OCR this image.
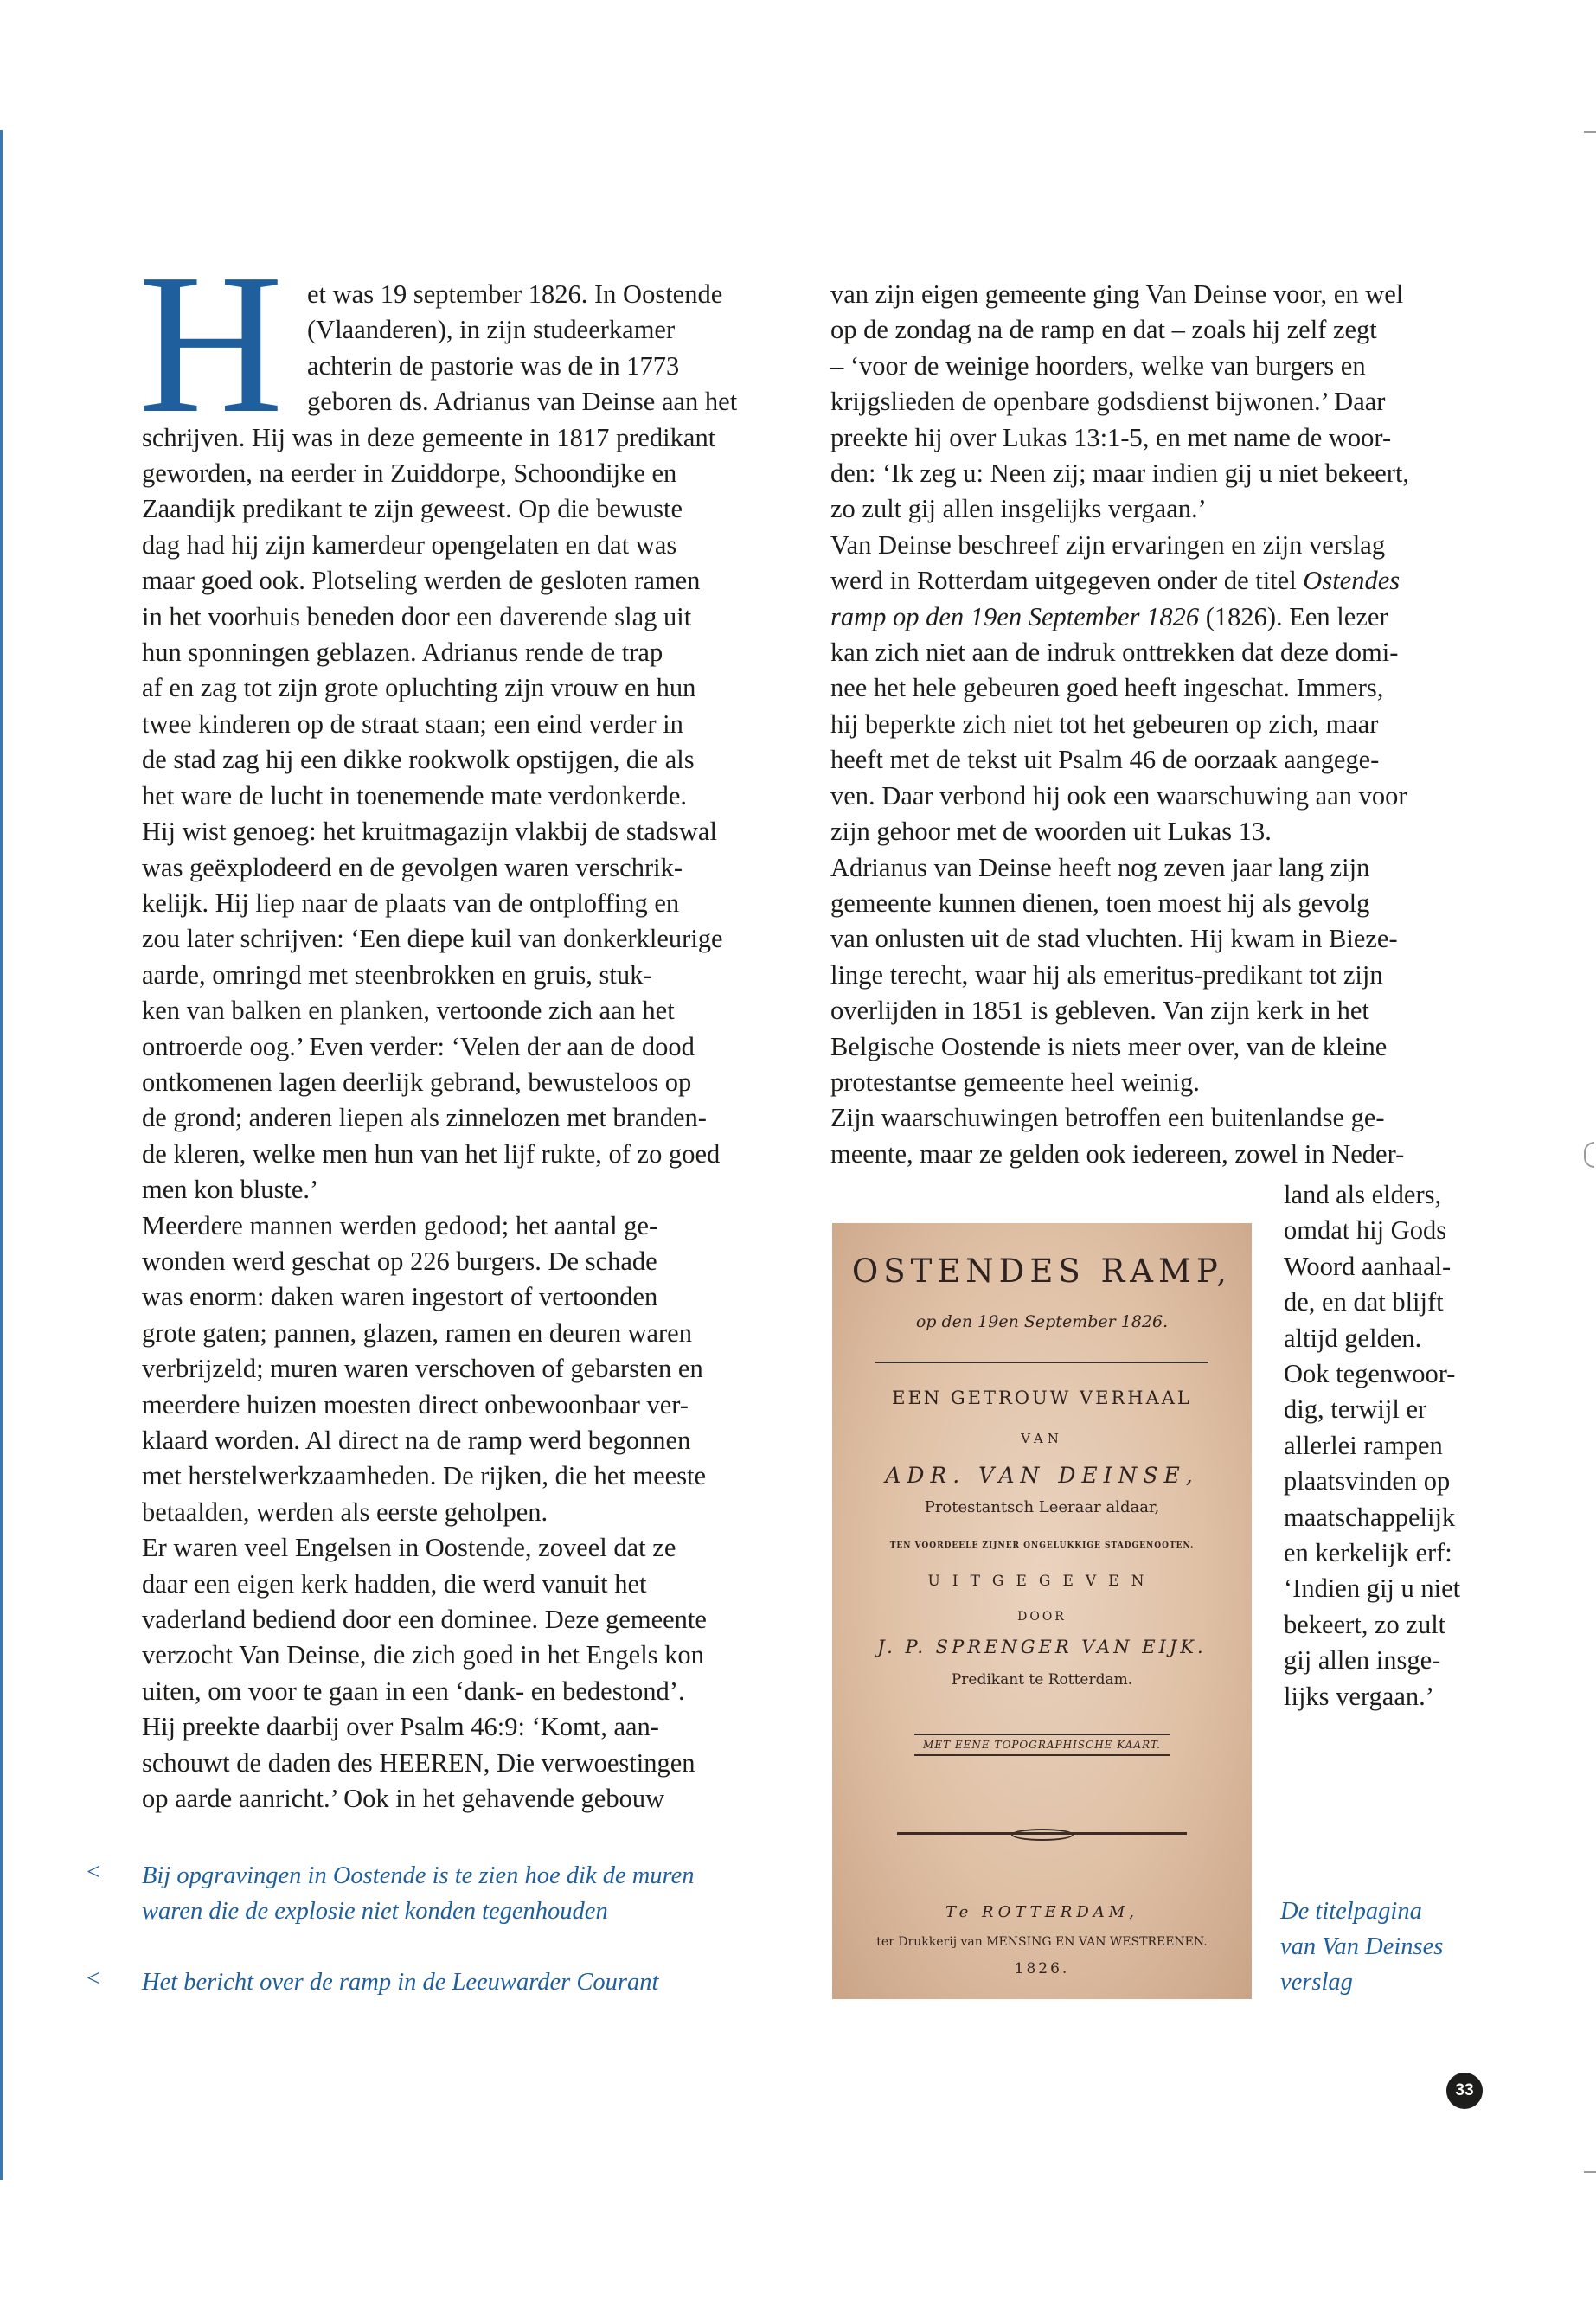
H et was 19 september 1826. In Oostende
(Vlaanderen), in zijn studeerkamer
achterin de pastorie was de in 1773
geboren ds. Adrianus van Deinse aan het
schrijven. Hij was in deze gemeente in 1817 predikant
geworden, na eerder in Zuiddorpe, Schoondijke en
Zaandijk predikant te zijn geweest. Op die bewuste
dag had hij zijn kamerdeur opengelaten en dat was
maar goed ook. Plotseling werden de gesloten ramen
in het voorhuis beneden door een daverende slag uit
hun sponningen geblazen. Adrianus rende de trap
af en zag tot zijn grote opluchting zijn vrouw en hun
twee kinderen op de straat staan; een eind verder in
de stad zag hij een dikke rookwolk opstijgen, die als
het ware de lucht in toenemende mate verdonkerde.
Hij wist genoeg: het kruitmagazijn vlakbij de stadswal
was geëxplodeerd en de gevolgen waren verschrik-
kelijk. Hij liep naar de plaats van de ontploffing en
zou later schrijven: ‘Een diepe kuil van donkerkleurige
aarde, omringd met steenbrokken en gruis, stuk-
ken van balken en planken, vertoonde zich aan het
ontroerde oog.’ Even verder: ‘Velen der aan de dood
ontkomenen lagen deerlijk gebrand, bewusteloos op
de grond; anderen liepen als zinnelozen met branden-
de kleren, welke men hun van het lijf rukte, of zo goed
men kon bluste.’
Meerdere mannen werden gedood; het aantal ge-
wonden werd geschat op 226 burgers. De schade
was enorm: daken waren ingestort of vertoonden
grote gaten; pannen, glazen, ramen en deuren waren
verbrijzeld; muren waren verschoven of gebarsten en
meerdere huizen moesten direct onbewoonbaar ver-
klaard worden. Al direct na de ramp werd begonnen
met herstelwerkzaamheden. De rijken, die het meeste
betaalden, werden als eerste geholpen.
Er waren veel Engelsen in Oostende, zoveel dat ze
daar een eigen kerk hadden, die werd vanuit het
vaderland bediend door een dominee. Deze gemeente
verzocht Van Deinse, die zich goed in het Engels kon
uiten, om voor te gaan in een ‘dank- en bedestond’.
Hij preekte daarbij over Psalm 46:9: ‘Komt, aan-
schouwt de daden des HEEREN, Die verwoestingen
op aarde aanricht.’ Ook in het gehavende gebouw
van zijn eigen gemeente ging Van Deinse voor, en wel
op de zondag na de ramp en dat – zoals hij zelf zegt
– ‘voor de weinige hoorders, welke van burgers en
krijgslieden de openbare godsdienst bijwonen.’ Daar
preekte hij over Lukas 13:1-5, en met name de woor-
den: ‘Ik zeg u: Neen zij; maar indien gij u niet bekeert,
zo zult gij allen insgelijks vergaan.’
Van Deinse beschreef zijn ervaringen en zijn verslag
werd in Rotterdam uitgegeven onder de titel Ostendes
ramp op den 19en September 1826 (1826). Een lezer
kan zich niet aan de indruk onttrekken dat deze domi-
nee het hele gebeuren goed heeft ingeschat. Immers,
hij beperkte zich niet tot het gebeuren op zich, maar
heeft met de tekst uit Psalm 46 de oorzaak aangege-
ven. Daar verbond hij ook een waarschuwing aan voor
zijn gehoor met de woorden uit Lukas 13.
Adrianus van Deinse heeft nog zeven jaar lang zijn
gemeente kunnen dienen, toen moest hij als gevolg
van onlusten uit de stad vluchten. Hij kwam in Bieze-
linge terecht, waar hij als emeritus-predikant tot zijn
overlijden in 1851 is gebleven. Van zijn kerk in het
Belgische Oostende is niets meer over, van de kleine
protestantse gemeente heel weinig.
Zijn waarschuwingen betroffen een buitenlandse ge-
meente, maar ze gelden ook iedereen, zowel in Neder-
land als elders,
omdat hij Gods
Woord aanhaal-
de, en dat blijft
altijd gelden.
Ook tegenwoor-
dig, terwijl er
allerlei rampen
plaatsvinden op
maatschappelijk
en kerkelijk erf:
‘Indien gij u niet
bekeert, zo zult
gij allen insge-
lijks vergaan.’
OSTENDES RAMP,
op den 19en September 1826.
EEN GETROUW VERHAAL
VAN
ADR. VAN DEINSE,
Protestantsch Leeraar aldaar,
TEN VOORDEELE ZIJNER ONGELUKKIGE STADGENOOTEN.
UITGEGEVEN
DOOR
J. P. SPRENGER VAN EIJK.
Predikant te Rotterdam.
MET EENE TOPOGRAPHISCHE KAART.
Te ROTTERDAM,
ter Drukkerij van MENSING EN VAN WESTREENEN.
1826.
< Bij opgravingen in Oostende is te zien hoe dik de muren
waren die de explosie niet konden tegenhouden
< Het bericht over de ramp in de Leeuwarder Courant
De titelpagina
van Van Deinses
verslag
33
